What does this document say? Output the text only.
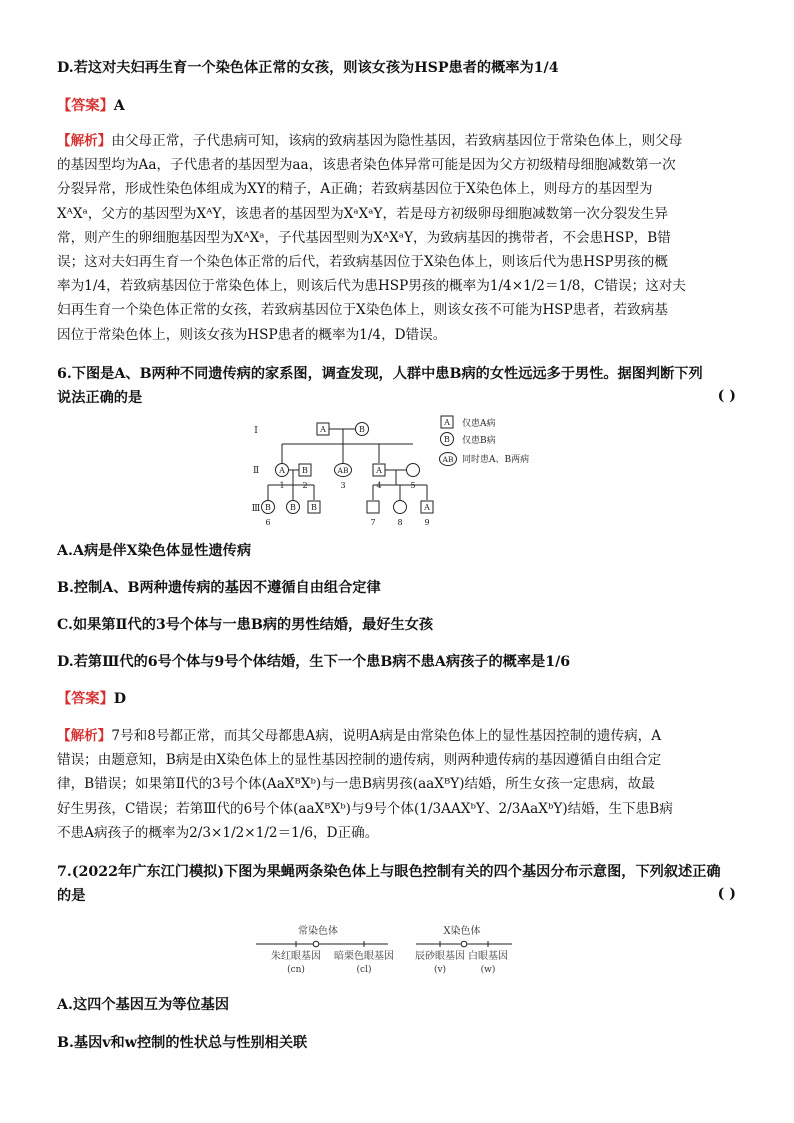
D.若这对夫妇再生育一个染色体正常的女孩，则该女孩为HSP患者的概率为1/4
【答案】A
【解析】由父母正常，子代患病可知，该病的致病基因为隐性基因，若致病基因位于常染色体上，则父母
的基因型均为Aa，子代患者的基因型为aa，该患者染色体异常可能是因为父方初级精母细胞减数第一次
分裂异常，形成性染色体组成为XY的精子，A正确；若致病基因位于X染色体上，则母方的基因型为
XᴬXᵃ，父方的基因型为XᴬY，该患者的基因型为XᵃXᵃY，若是母方初级卵母细胞减数第一次分裂发生异
常，则产生的卵细胞基因型为XᴬXᵃ，子代基因型则为XᴬXᵃY，为致病基因的携带者，不会患HSP，B错
误；这对夫妇再生育一个染色体正常的后代，若致病基因位于X染色体上，则该后代为患HSP男孩的概
率为1/4，若致病基因位于常染色体上，则该后代为患HSP男孩的概率为1/4×1/2＝1/8，C错误；这对夫
妇再生育一个染色体正常的女孩，若致病基因位于X染色体上，则该女孩不可能为HSP患者，若致病基
因位于常染色体上，则该女孩为HSP患者的概率为1/4，D错误。
6.下图是A、B两种不同遗传病的家系图，调查发现，人群中患B病的女性远远多于男性。据图判断下列
说法正确的是	( )
Ⅰ
Ⅱ
Ⅲ
A	B
A B	AB	A
B B B	A
1 2	3	4	5
6	7	8	9
A
B
AB
仅患A病
仅患B病
同时患A、B两病
A.A病是伴X染色体显性遗传病
B.控制A、B两种遗传病的基因不遵循自由组合定律
C.如果第Ⅱ代的3号个体与一患B病的男性结婚，最好生女孩
D.若第Ⅲ代的6号个体与9号个体结婚，生下一个患B病不患A病孩子的概率是1/6
【答案】D
【解析】7号和8号都正常，而其父母都患A病，说明A病是由常染色体上的显性基因控制的遗传病，A
错误；由题意知，B病是由X染色体上的显性基因控制的遗传病，则两种遗传病的基因遵循自由组合定
律，B错误；如果第Ⅱ代的3号个体(AaXᴮXᵇ)与一患B病男孩(aaXᴮY)结婚，所生女孩一定患病，故最
好生男孩，C错误；若第Ⅲ代的6号个体(aaXᴮXᵇ)与9号个体(1/3AAXᵇY、2/3AaXᵇY)结婚，生下患B病
不患A病孩子的概率为2/3×1/2×1/2＝1/6，D正确。
7.(2022年广东江门模拟)下图为果蝇两条染色体上与眼色控制有关的四个基因分布示意图，下列叙述正确
的是	( )
常染色体	X染色体
朱红眼基因 暗栗色眼基因 辰砂眼基因 白眼基因
(cn)	(cl)	(v)	(w)
A.这四个基因互为等位基因
B.基因v和w控制的性状总与性别相关联
